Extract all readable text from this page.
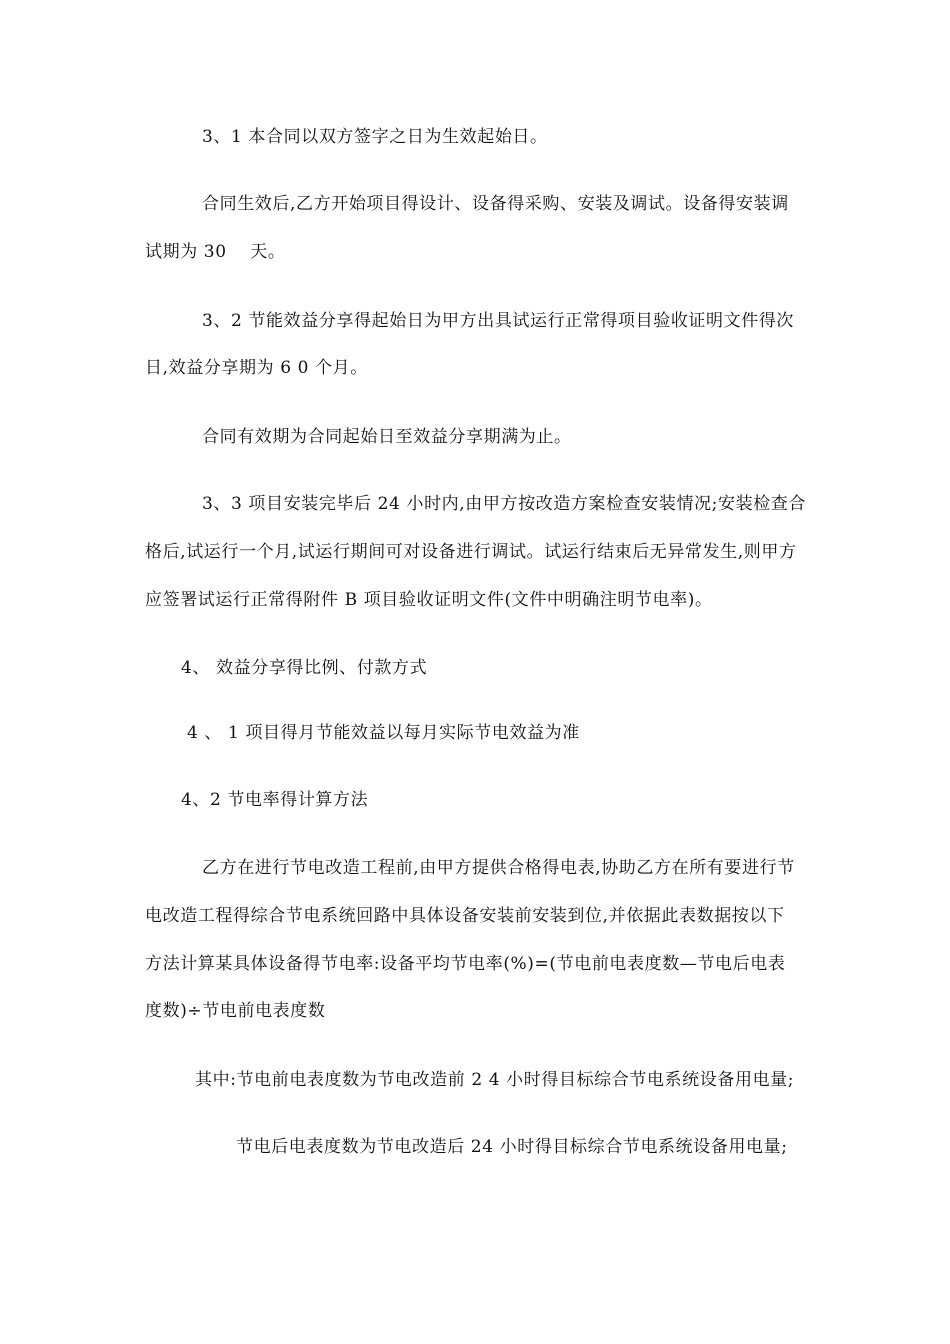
3、1 本合同以双方签字之日为生效起始日。
合同生效后,乙方开始项目得设计、设备得采购、安装及调试。设备得安装调
试期为 30　 天。
3、2 节能效益分享得起始日为甲方出具试运行正常得项目验收证明文件得次
日,效益分享期为 6 0 个月。
合同有效期为合同起始日至效益分享期满为止。
3、3 项目安装完毕后 24 小时内,由甲方按改造方案检查安装情况;安装检查合
格后,试运行一个月,试运行期间可对设备进行调试。试运行结束后无异常发生,则甲方
应签署试运行正常得附件 B 项目验收证明文件(文件中明确注明节电率)。
4、 效益分享得比例、付款方式
4 、 1 项目得月节能效益以每月实际节电效益为准
4、2 节电率得计算方法
乙方在进行节电改造工程前,由甲方提供合格得电表,协助乙方在所有要进行节
电改造工程得综合节电系统回路中具体设备安装前安装到位,并依据此表数据按以下
方法计算某具体设备得节电率:设备平均节电率(%)=(节电前电表度数—节电后电表
度数)÷节电前电表度数
其中:节电前电表度数为节电改造前 2 4 小时得目标综合节电系统设备用电量;
节电后电表度数为节电改造后 24 小时得目标综合节电系统设备用电量;
